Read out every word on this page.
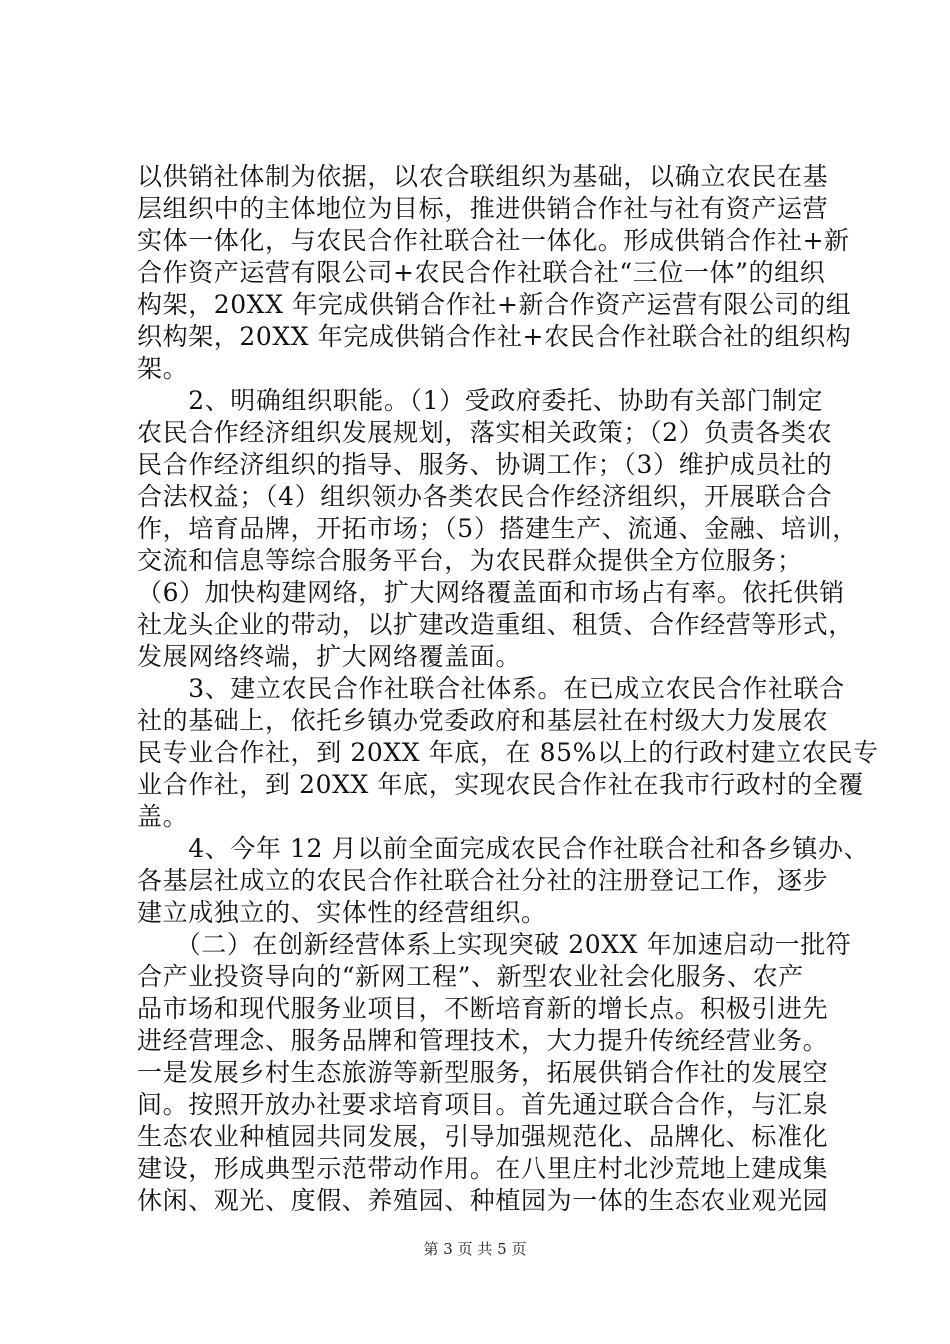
以供销社体制为依据，以农合联组织为基础，以确立农民在基
层组织中的主体地位为目标，推进供销合作社与社有资产运营
实体一体化，与农民合作社联合社一体化。形成供销合作社+新
合作资产运营有限公司+农民合作社联合社“三位一体”的组织
构架，20XX 年完成供销合作社+新合作资产运营有限公司的组
织构架，20XX 年完成供销合作社+农民合作社联合社的组织构
架。
　　2、明确组织职能。（1）受政府委托、协助有关部门制定
农民合作经济组织发展规划，落实相关政策；（2）负责各类农
民合作经济组织的指导、服务、协调工作；（3）维护成员社的
合法权益；（4）组织领办各类农民合作经济组织，开展联合合
作，培育品牌，开拓市场；（5）搭建生产、流通、金融、培训，
交流和信息等综合服务平台，为农民群众提供全方位服务；
（6）加快构建网络，扩大网络覆盖面和市场占有率。依托供销
社龙头企业的带动，以扩建改造重组、租赁、合作经营等形式，
发展网络终端，扩大网络覆盖面。
　　3、建立农民合作社联合社体系。在已成立农民合作社联合
社的基础上，依托乡镇办党委政府和基层社在村级大力发展农
民专业合作社，到 20XX 年底，在 85%以上的行政村建立农民专
业合作社，到 20XX 年底，实现农民合作社在我市行政村的全覆
盖。
　　4、今年 12 月以前全面完成农民合作社联合社和各乡镇办、
各基层社成立的农民合作社联合社分社的注册登记工作，逐步
建立成独立的、实体性的经营组织。
　　（二）在创新经营体系上实现突破 20XX 年加速启动一批符
合产业投资导向的“新网工程”、新型农业社会化服务、农产
品市场和现代服务业项目，不断培育新的增长点。积极引进先
进经营理念、服务品牌和管理技术，大力提升传统经营业务。
一是发展乡村生态旅游等新型服务，拓展供销合作社的发展空
间。按照开放办社要求培育项目。首先通过联合合作，与汇泉
生态农业种植园共同发展，引导加强规范化、品牌化、标准化
建设，形成典型示范带动作用。在八里庄村北沙荒地上建成集
休闲、观光、度假、养殖园、种植园为一体的生态农业观光园
第 3 页 共 5 页
